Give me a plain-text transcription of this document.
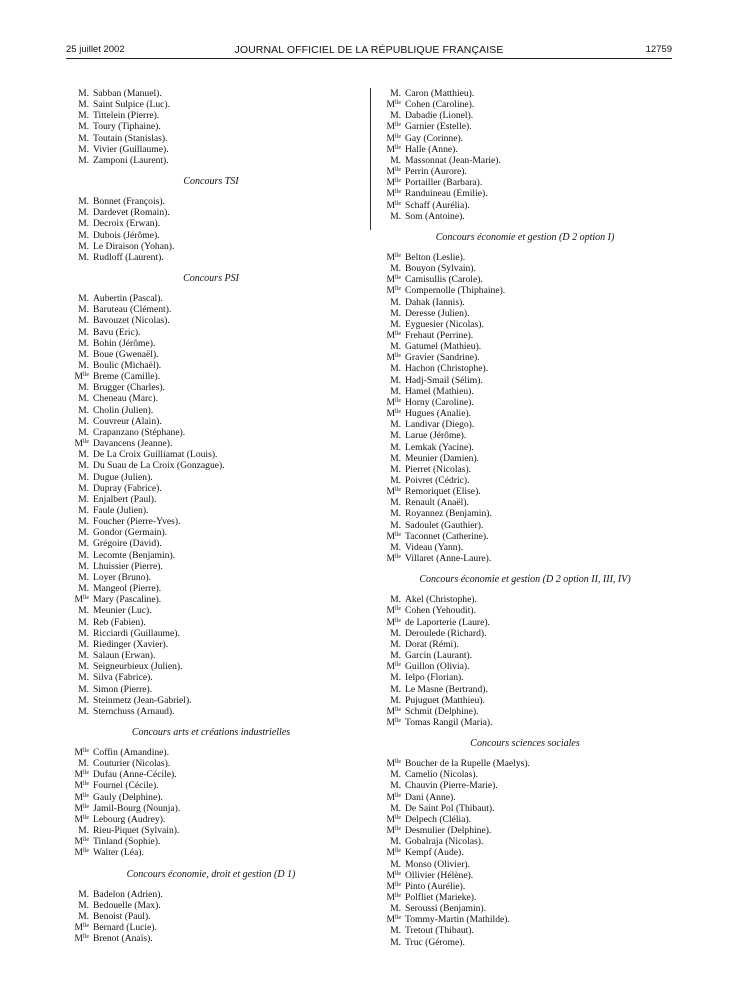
25 juillet 2002	JOURNAL OFFICIEL DE LA RÉPUBLIQUE FRANÇAISE	12759
M. Sabban (Manuel).
M. Saint Sulpice (Luc).
M. Tittelein (Pierre).
M. Toury (Tiphaine).
M. Toutain (Stanislas).
M. Vivier (Guillaume).
M. Zamponi (Laurent).
Concours TSI
M. Bonnet (François).
M. Dardevet (Romain).
M. Decroix (Erwan).
M. Dubois (Jérôme).
M. Le Diraison (Yohan).
M. Rudloff (Laurent).
Concours PSI
M. Aubertin (Pascal).
M. Baruteau (Clément).
M. Bavouzet (Nicolas).
M. Bavu (Eric).
M. Bohin (Jérôme).
M. Boue (Gwenaël).
M. Boulic (Michaël).
$M^{lle}$ Breme (Camille).
M. Brugger (Charles).
M. Cheneau (Marc).
M. Cholin (Julien).
M. Couvreur (Alain).
M. Crapanzano (Stéphane).
$M^{lle}$ Davancens (Jeanne).
M. De La Croix Guilliamat (Louis).
M. Du Suau de La Croix (Gonzague).
M. Dugue (Julien).
M. Dupray (Fabrice).
M. Enjalbert (Paul).
M. Faule (Julien).
M. Foucher (Pierre-Yves).
M. Gondor (Germain).
M. Grégoire (David).
M. Lecomte (Benjamin).
M. Lhuissier (Pierre).
M. Loyer (Bruno).
M. Mangeol (Pierre).
$M^{lle}$ Mary (Pascaline).
M. Meunier (Luc).
M. Reb (Fabien).
M. Ricciardi (Guillaume).
M. Riedinger (Xavier).
M. Salaun (Erwan).
M. Seigneurbieux (Julien).
M. Silva (Fabrice).
M. Simon (Pierre).
M. Steinmetz (Jean-Gabriel).
M. Sternchuss (Arnaud).
Concours arts et créations industrielles
$M^{lle}$ Coffin (Amandine).
M. Couturier (Nicolas).
$M^{lle}$ Dufau (Anne-Cécile).
$M^{lle}$ Fournel (Cécile).
$M^{lle}$ Gauly (Delphine).
$M^{lle}$ Jamil-Bourg (Nounja).
$M^{lle}$ Lebourg (Audrey).
M. Rieu-Piquet (Sylvain).
$M^{lle}$ Tinland (Sophie).
$M^{lle}$ Walter (Léa).
Concours économie, droit et gestion (D 1)
M. Badelon (Adrien).
M. Bedouelle (Max).
M. Benoist (Paul).
$M^{lle}$ Bernard (Lucie).
$M^{lle}$ Brenot (Anaïs).
M. Caron (Matthieu).
$M^{lle}$ Cohen (Caroline).
M. Dabadie (Lionel).
$M^{lle}$ Garnier (Estelle).
$M^{lle}$ Gay (Corinne).
$M^{lle}$ Halle (Anne).
M. Massonnat (Jean-Marie).
$M^{lle}$ Perrin (Aurore).
$M^{lle}$ Portailler (Barbara).
$M^{lle}$ Randuineau (Emilie).
$M^{lle}$ Schaff (Aurélia).
M. Som (Antoine).
Concours économie et gestion (D 2 option I)
$M^{lle}$ Belton (Leslie).
M. Bouyon (Sylvain).
$M^{lle}$ Camisullis (Carole).
$M^{lle}$ Compernolle (Thiphaine).
M. Dahak (Iannis).
M. Deresse (Julien).
M. Eyguesier (Nicolas).
$M^{lle}$ Frehaut (Perrine).
M. Gatumel (Mathieu).
$M^{lle}$ Gravier (Sandrine).
M. Hachon (Christophe).
M. Hadj-Smail (Sélim).
M. Hamel (Mathieu).
$M^{lle}$ Horny (Caroline).
$M^{lle}$ Hugues (Analie).
M. Landivar (Diego).
M. Larue (Jérôme).
M. Lemkak (Yacine).
M. Meunier (Damien).
M. Pierret (Nicolas).
M. Poivret (Cédric).
$M^{lle}$ Remoriquet (Elise).
M. Renault (Anaël).
M. Royannez (Benjamin).
M. Sadoulet (Gauthier).
$M^{lle}$ Taconnet (Catherine).
M. Videau (Yann).
$M^{lle}$ Villaret (Anne-Laure).
Concours économie et gestion (D 2 option II, III, IV)
M. Akel (Christophe).
$M^{lle}$ Cohen (Yehoudit).
$M^{lle}$ de Laporterie (Laure).
M. Deroulede (Richard).
M. Dorat (Rémi).
M. Garcin (Laurant).
$M^{lle}$ Guillon (Olivia).
M. Ielpo (Florian).
M. Le Masne (Bertrand).
M. Pujuguet (Matthieu).
$M^{lle}$ Schmit (Delphine).
$M^{lle}$ Tomas Rangil (Maria).
Concours sciences sociales
$M^{lle}$ Boucher de la Rupelle (Maelys).
M. Camelio (Nicolas).
M. Chauvin (Pierre-Marie).
$M^{lle}$ Dani (Anne).
M. De Saint Pol (Thibaut).
$M^{lle}$ Delpech (Clélia).
$M^{lle}$ Desmulier (Delphine).
M. Gobalraja (Nicolas).
$M^{lle}$ Kempf (Aude).
M. Monso (Olivier).
$M^{lle}$ Ollivier (Hélène).
$M^{lle}$ Pinto (Aurélie).
$M^{lle}$ Polfliet (Marieke).
M. Seroussi (Benjamin).
$M^{lle}$ Tommy-Martin (Mathilde).
M. Tretout (Thibaut).
M. Truc (Gérome).
